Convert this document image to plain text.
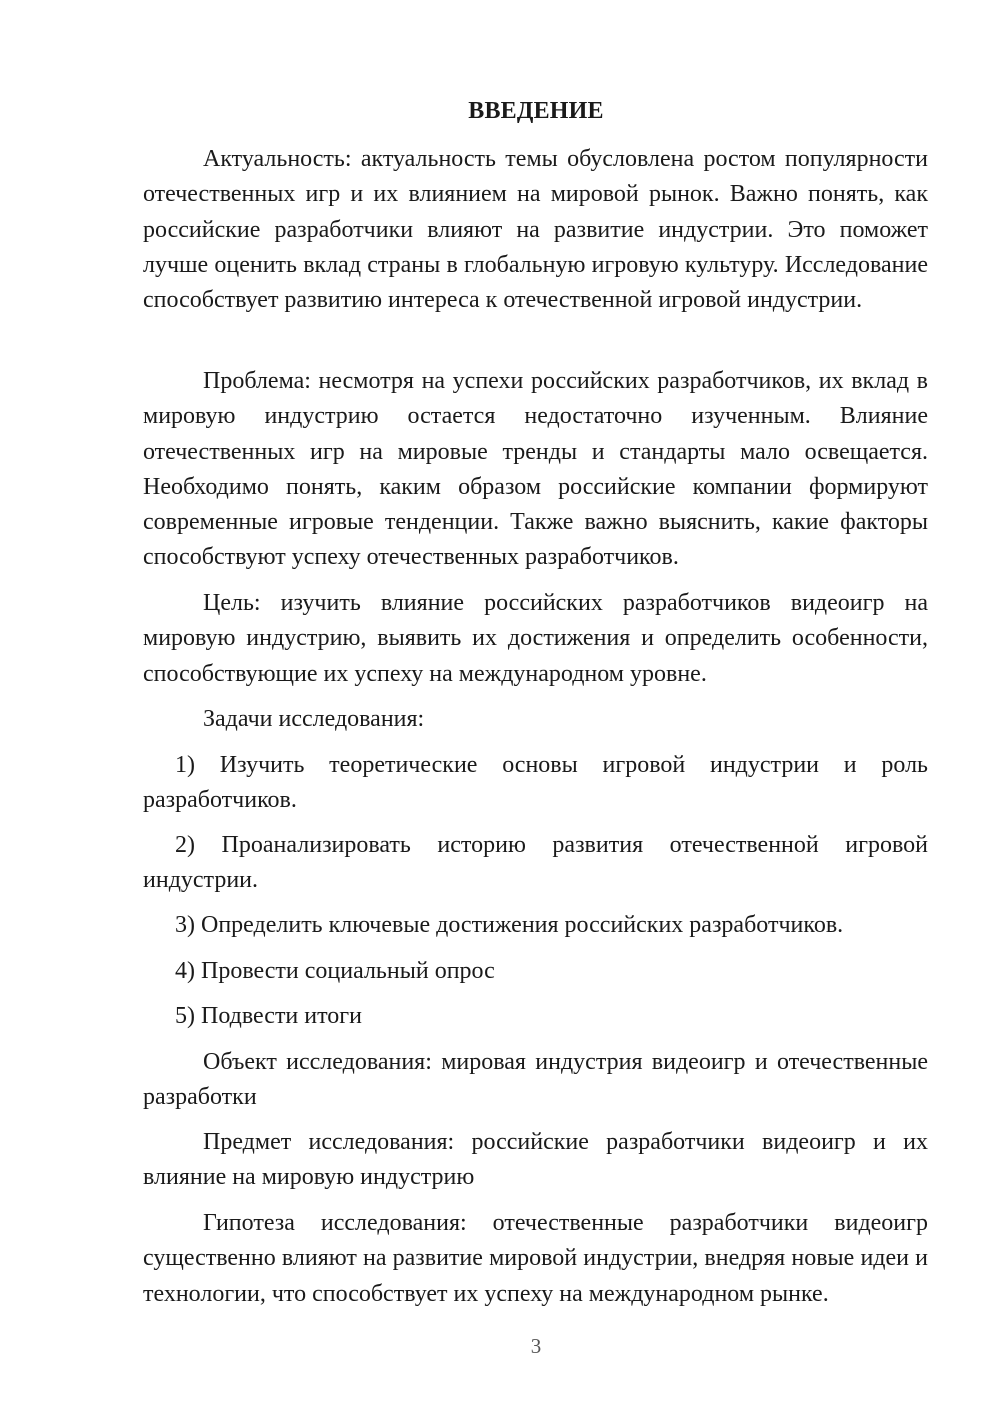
ВВЕДЕНИЕ

Актуальность: актуальность темы обусловлена ростом популярности отечественных игр и их влиянием на мировой рынок. Важно понять, как российские разработчики влияют на развитие индустрии. Это поможет лучше оценить вклад страны в глобальную игровую культуру. Исследование способствует развитию интереса к отечественной игровой индустрии.

Проблема: несмотря на успехи российских разработчиков, их вклад в мировую индустрию остается недостаточно изученным. Влияние отечественных игр на мировые тренды и стандарты мало освещается. Необходимо понять, каким образом российские компании формируют современные игровые тенденции. Также важно выяснить, какие факторы способствуют успеху отечественных разработчиков.

Цель: изучить влияние российских разработчиков видеоигр на мировую индустрию, выявить их достижения и определить особенности, способствующие их успеху на международном уровне.

Задачи исследования:

1) Изучить теоретические основы игровой индустрии и роль разработчиков.

2) Проанализировать историю развития отечественной игровой индустрии.

3) Определить ключевые достижения российских разработчиков.

4) Провести социальный опрос

5) Подвести итоги

Объект исследования: мировая индустрия видеоигр и отечественные разработки

Предмет исследования: российские разработчики видеоигр и их влияние на мировую индустрию

Гипотеза исследования: отечественные разработчики видеоигр существенно влияют на развитие мировой индустрии, внедряя новые идеи и технологии, что способствует их успеху на международном рынке.

3
